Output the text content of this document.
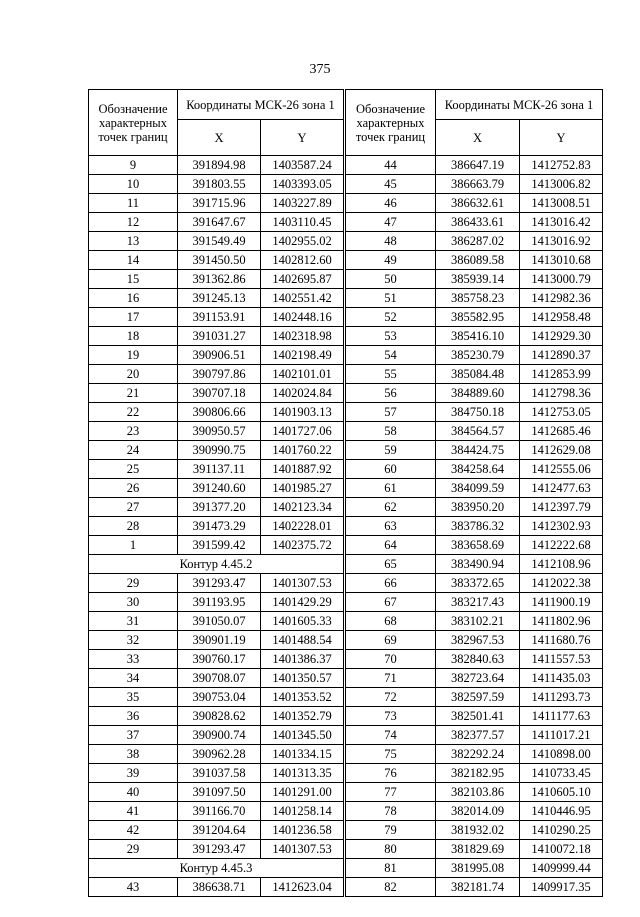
375
Обозначение характерных точек границ	Координаты МСК-26 зона 1	
	X	Y
9	391894.98	1403587.24
10	391803.55	1403393.05
11	391715.96	1403227.89
12	391647.67	1403110.45
13	391549.49	1402955.02
14	391450.50	1402812.60
15	391362.86	1402695.87
16	391245.13	1402551.42
17	391153.91	1402448.16
18	391031.27	1402318.98
19	390906.51	1402198.49
20	390797.86	1402101.01
21	390707.18	1402024.84
22	390806.66	1401903.13
23	390950.57	1401727.06
24	390990.75	1401760.22
25	391137.11	1401887.92
26	391240.60	1401985.27
27	391377.20	1402123.34
28	391473.29	1402228.01
1	391599.42	1402375.72
Контур 4.45.2		
29	391293.47	1401307.53
30	391193.95	1401429.29
31	391050.07	1401605.33
32	390901.19	1401488.54
33	390760.17	1401386.37
34	390708.07	1401350.57
35	390753.04	1401353.52
36	390828.62	1401352.79
37	390900.74	1401345.50
38	390962.28	1401334.15
39	391037.58	1401313.35
40	391097.50	1401291.00
41	391166.70	1401258.14
42	391204.64	1401236.58
29	391293.47	1401307.53
Контур 4.45.3		
43	386638.71	1412623.04
Обозначение характерных точек границ	Координаты МСК-26 зона 1	
	X	Y
44	386647.19	1412752.83
45	386663.79	1413006.82
46	386632.61	1413008.51
47	386433.61	1413016.42
48	386287.02	1413016.92
49	386089.58	1413010.68
50	385939.14	1413000.79
51	385758.23	1412982.36
52	385582.95	1412958.48
53	385416.10	1412929.30
54	385230.79	1412890.37
55	385084.48	1412853.99
56	384889.60	1412798.36
57	384750.18	1412753.05
58	384564.57	1412685.46
59	384424.75	1412629.08
60	384258.64	1412555.06
61	384099.59	1412477.63
62	383950.20	1412397.79
63	383786.32	1412302.93
64	383658.69	1412222.68
65	383490.94	1412108.96
66	383372.65	1412022.38
67	383217.43	1411900.19
68	383102.21	1411802.96
69	382967.53	1411680.76
70	382840.63	1411557.53
71	382723.64	1411435.03
72	382597.59	1411293.73
73	382501.41	1411177.63
74	382377.57	1411017.21
75	382292.24	1410898.00
76	382182.95	1410733.45
77	382103.86	1410605.10
78	382014.09	1410446.95
79	381932.02	1410290.25
80	381829.69	1410072.18
81	381995.08	1409999.44
82	382181.74	1409917.35
